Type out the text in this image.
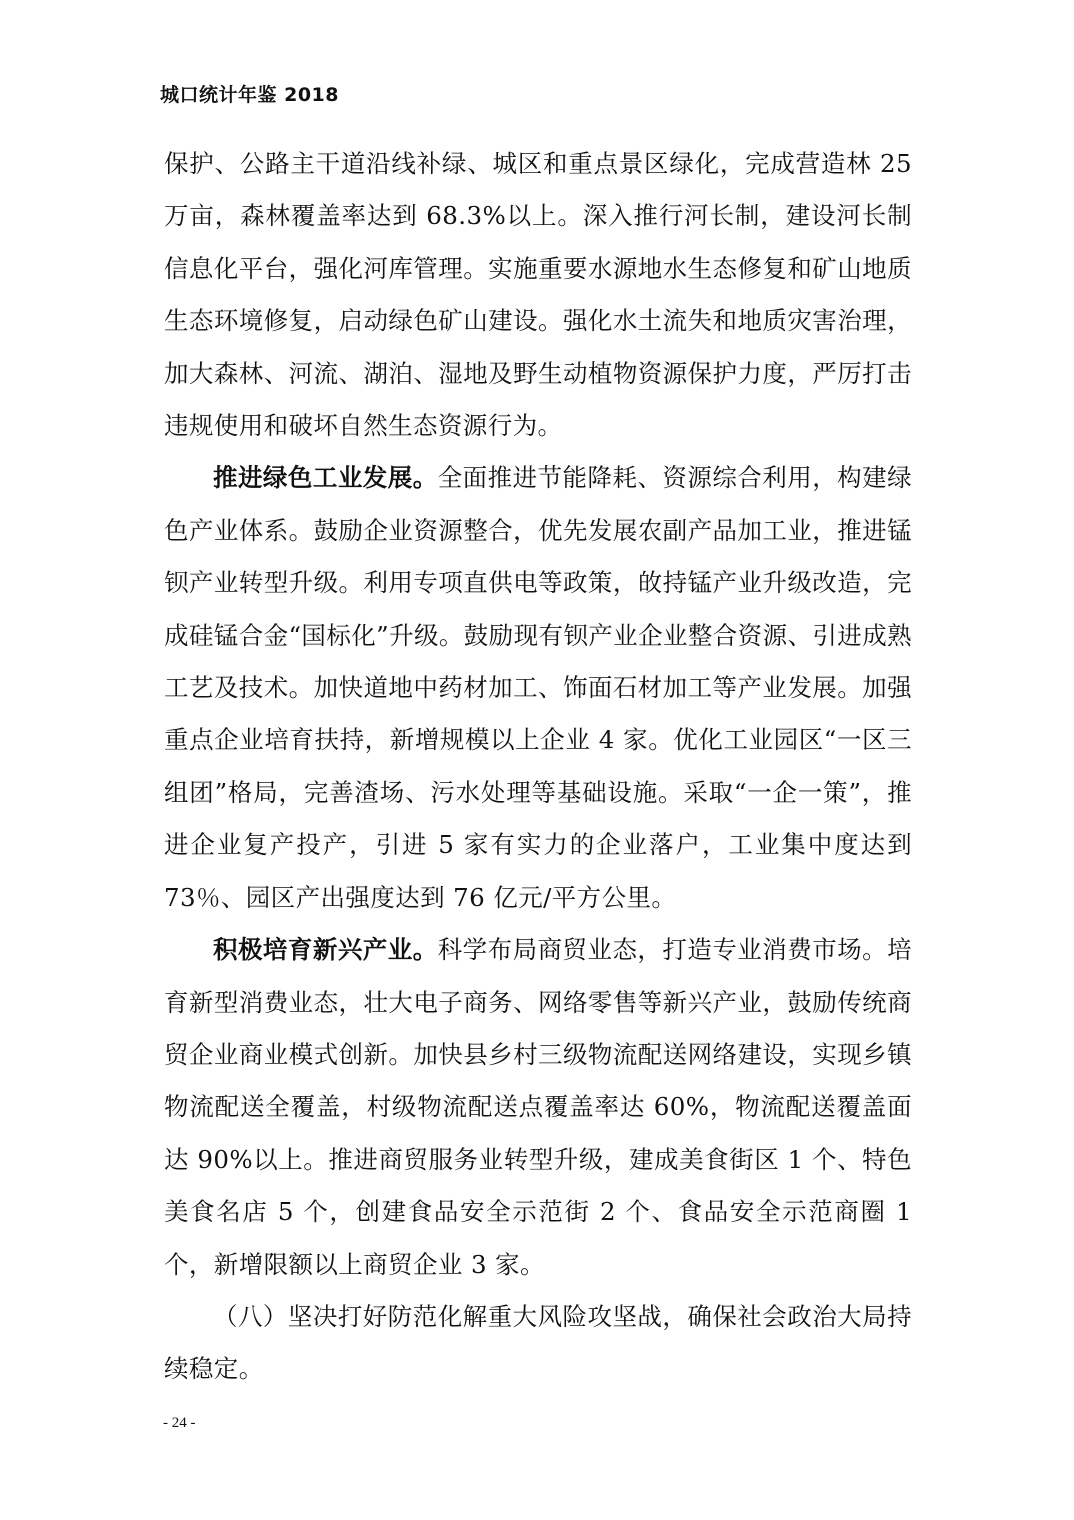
城口统计年鉴 2018

保护、公路主干道沿线补绿、城区和重点景区绿化，完成营造林 25 万亩，森林覆盖率达到 68.3%以上。深入推行河长制，建设河长制信息化平台，强化河库管理。实施重要水源地水生态修复和矿山地质生态环境修复，启动绿色矿山建设。强化水土流失和地质灾害治理，加大森林、河流、湖泊、湿地及野生动植物资源保护力度，严厉打击违规使用和破坏自然生态资源行为。

推进绿色工业发展。全面推进节能降耗、资源综合利用，构建绿色产业体系。鼓励企业资源整合，优先发展农副产品加工业，推进锰钡产业转型升级。利用专项直供电等政策，敀持锰产业升级改造，完成硅锰合金“国标化”升级。鼓励现有钡产业企业整合资源、引进成熟工艺及技术。加快道地中药材加工、饰面石材加工等产业发展。加强重点企业培育扶持，新增规模以上企业 4 家。优化工业园区“一区三组团”格局，完善渣场、污水处理等基础设施。采取“一企一策”，推进企业复产投产，引进 5 家有实力的企业落户，工业集中度达到 73％、园区产出强度达到 76 亿元/平方公里。

积极培育新兴产业。科学布局商贸业态，打造专业消费市场。培育新型消费业态，壮大电子商务、网络零售等新兴产业，鼓励传统商贸企业商业模式创新。加快县乡村三级物流配送网络建设，实现乡镇物流配送全覆盖，村级物流配送点覆盖率达 60%，物流配送覆盖面达 90%以上。推进商贸服务业转型升级，建成美食街区 1 个、特色美食名店 5 个，创建食品安全示范街 2 个、食品安全示范商圈 1 个，新增限额以上商贸企业 3 家。

（八）坚决打好防范化解重大风险攻坚战，确保社会政治大局持续稳定。

- 24 -
